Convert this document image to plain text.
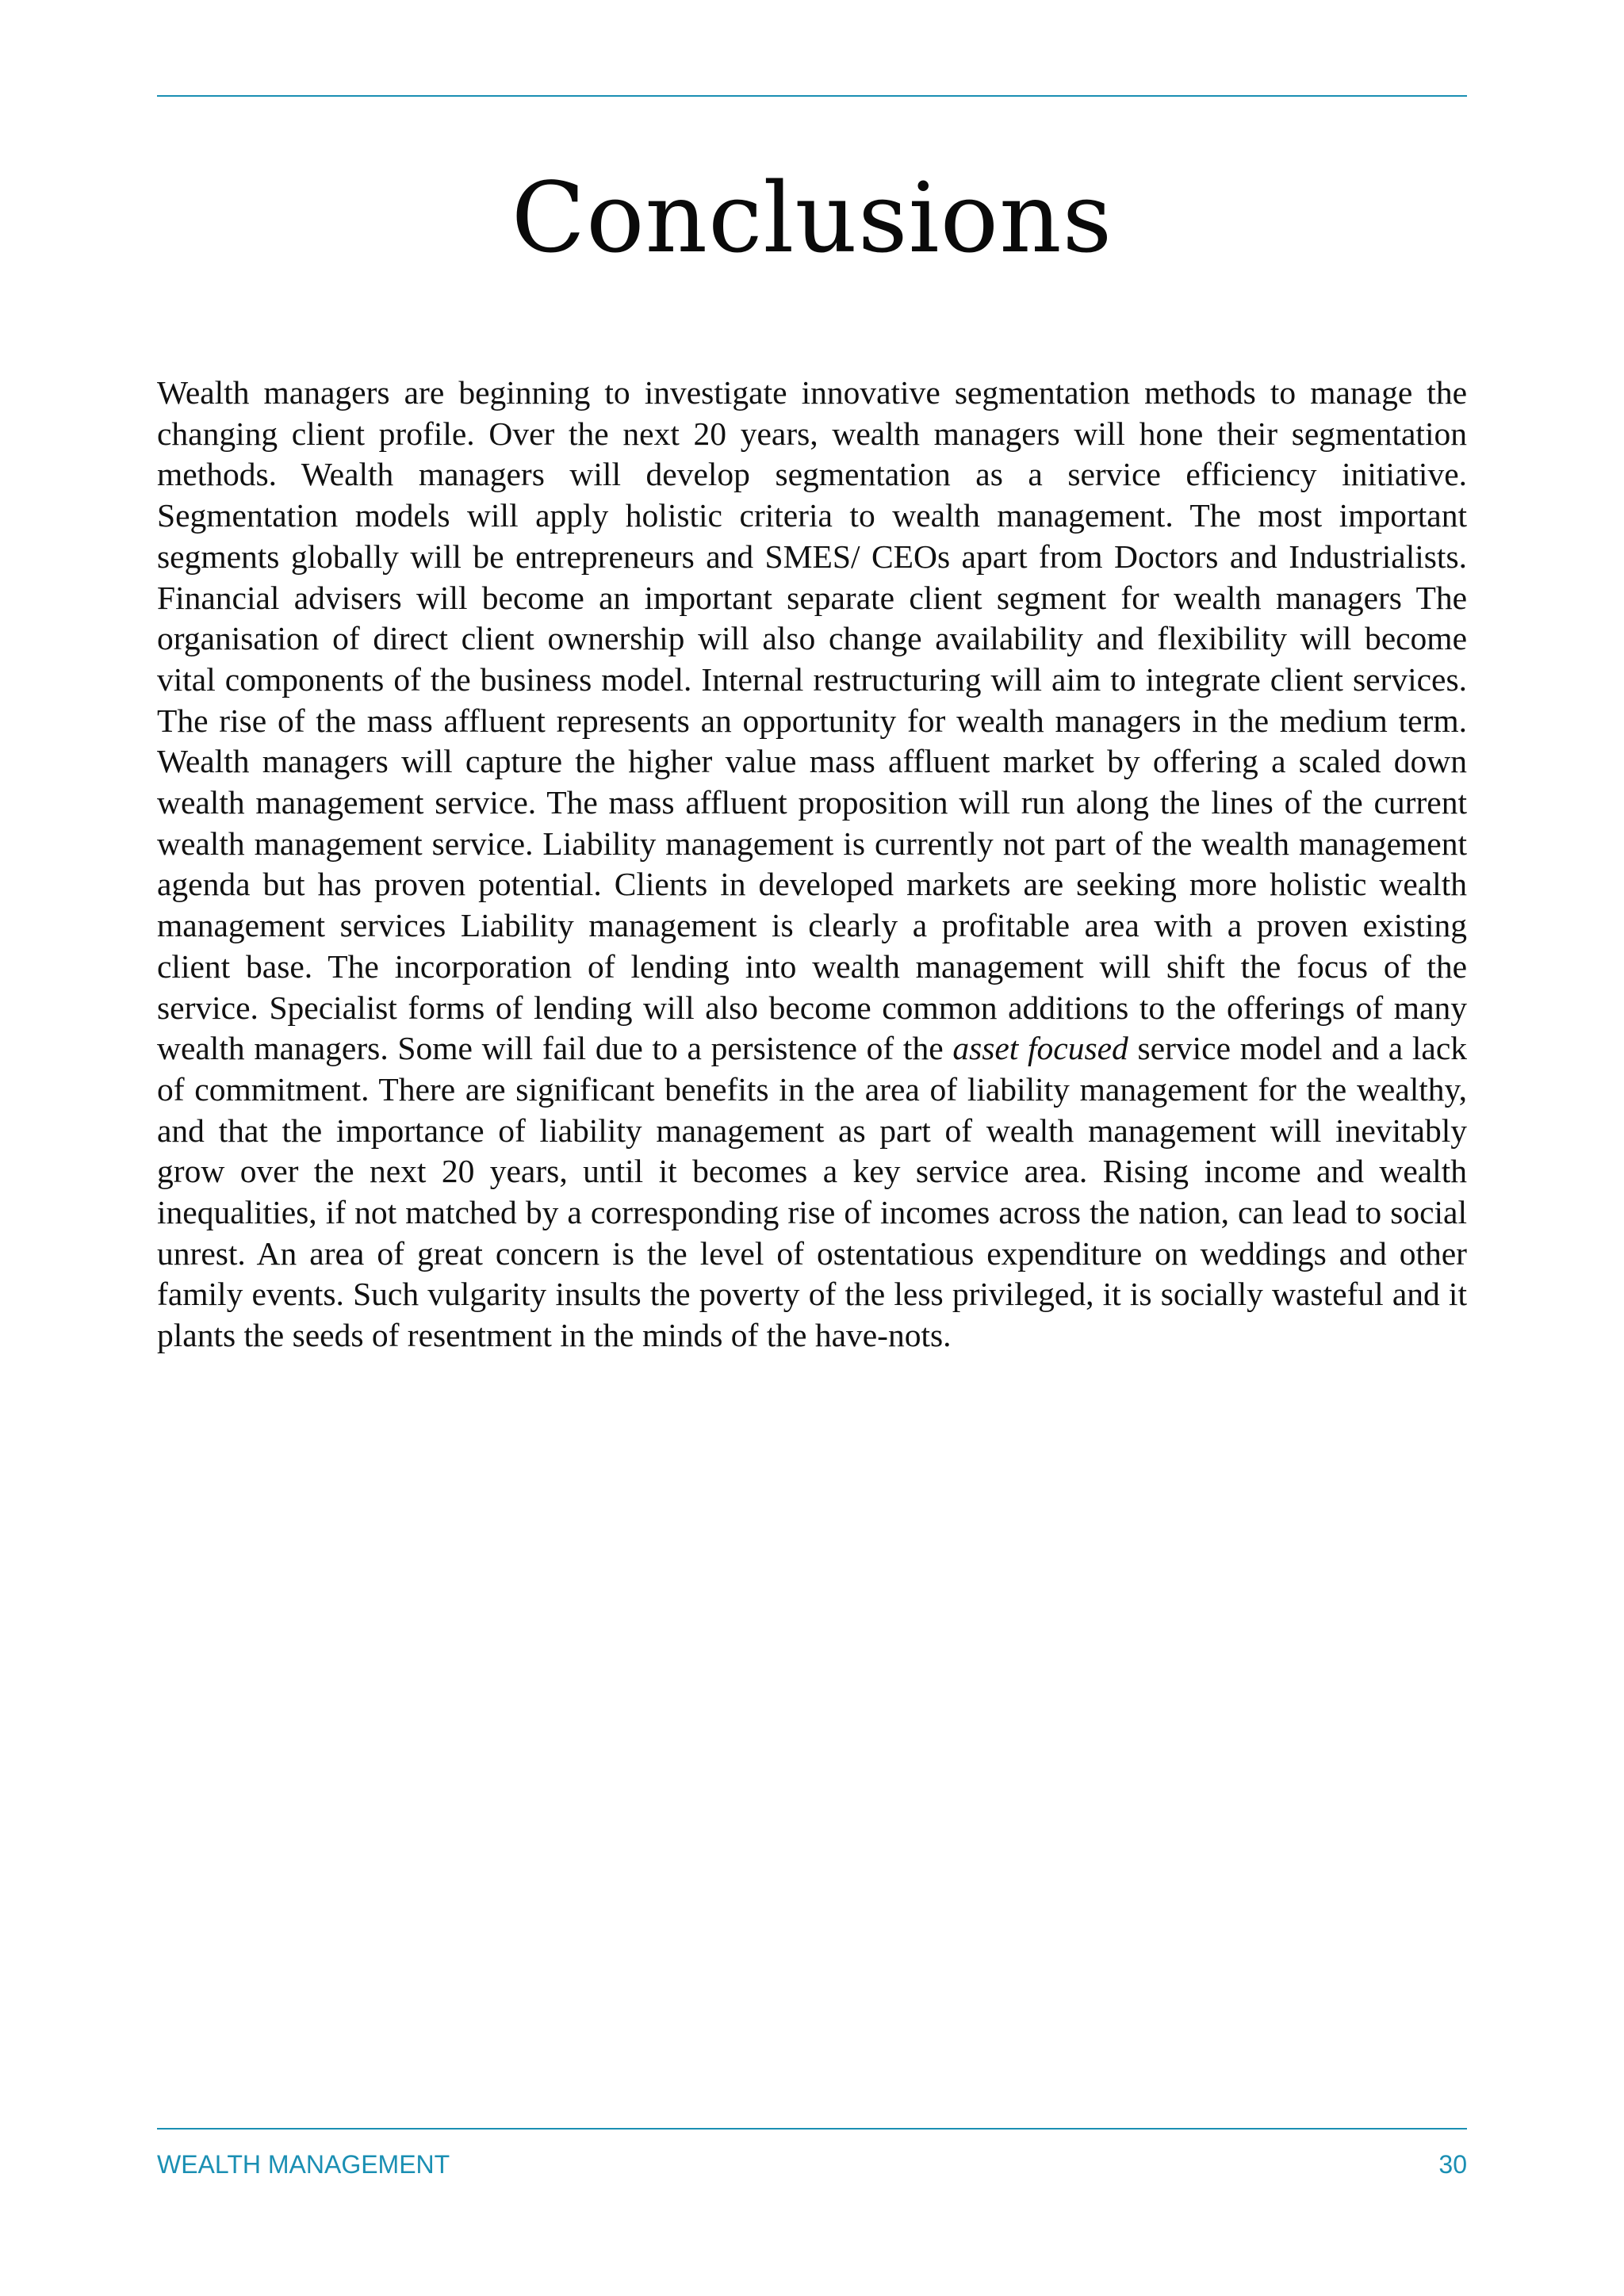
Conclusions

Wealth managers are beginning to investigate innovative segmentation methods to manage the changing client profile. Over the next 20 years, wealth managers will hone their segmentation methods. Wealth managers will develop segmentation as a service efficiency initiative. Segmentation models will apply holistic criteria to wealth management. The most important segments globally will be entrepreneurs and SMES/ CEOs apart from Doctors and Industrialists. Financial advisers will become an important separate client segment for wealth managers The organisation of direct client ownership will also change availability and flexibility will become vital components of the business model. Internal restructuring will aim to integrate client services. The rise of the mass affluent represents an opportunity for wealth managers in the medium term. Wealth managers will capture the higher value mass affluent market by offering a scaled down wealth management service. The mass affluent proposition will run along the lines of the current wealth management service. Liability management is currently not part of the wealth management agenda but has proven potential. Clients in developed markets are seeking more holistic wealth management services Liability management is clearly a profitable area with a proven existing client base. The incorporation of lending into wealth management will shift the focus of the service. Specialist forms of lending will also become common additions to the offerings of many wealth managers. Some will fail due to a persistence of the asset focused service model and a lack of commitment. There are significant benefits in the area of liability management for the wealthy, and that the importance of liability management as part of wealth management will inevitably grow over the next 20 years, until it becomes a key service area. Rising income and wealth inequalities, if not matched by a corresponding rise of incomes across the nation, can lead to social unrest. An area of great concern is the level of ostentatious expenditure on weddings and other family events. Such vulgarity insults the poverty of the less privileged, it is socially wasteful and it plants the seeds of resentment in the minds of the have-nots.

WEALTH MANAGEMENT	30
